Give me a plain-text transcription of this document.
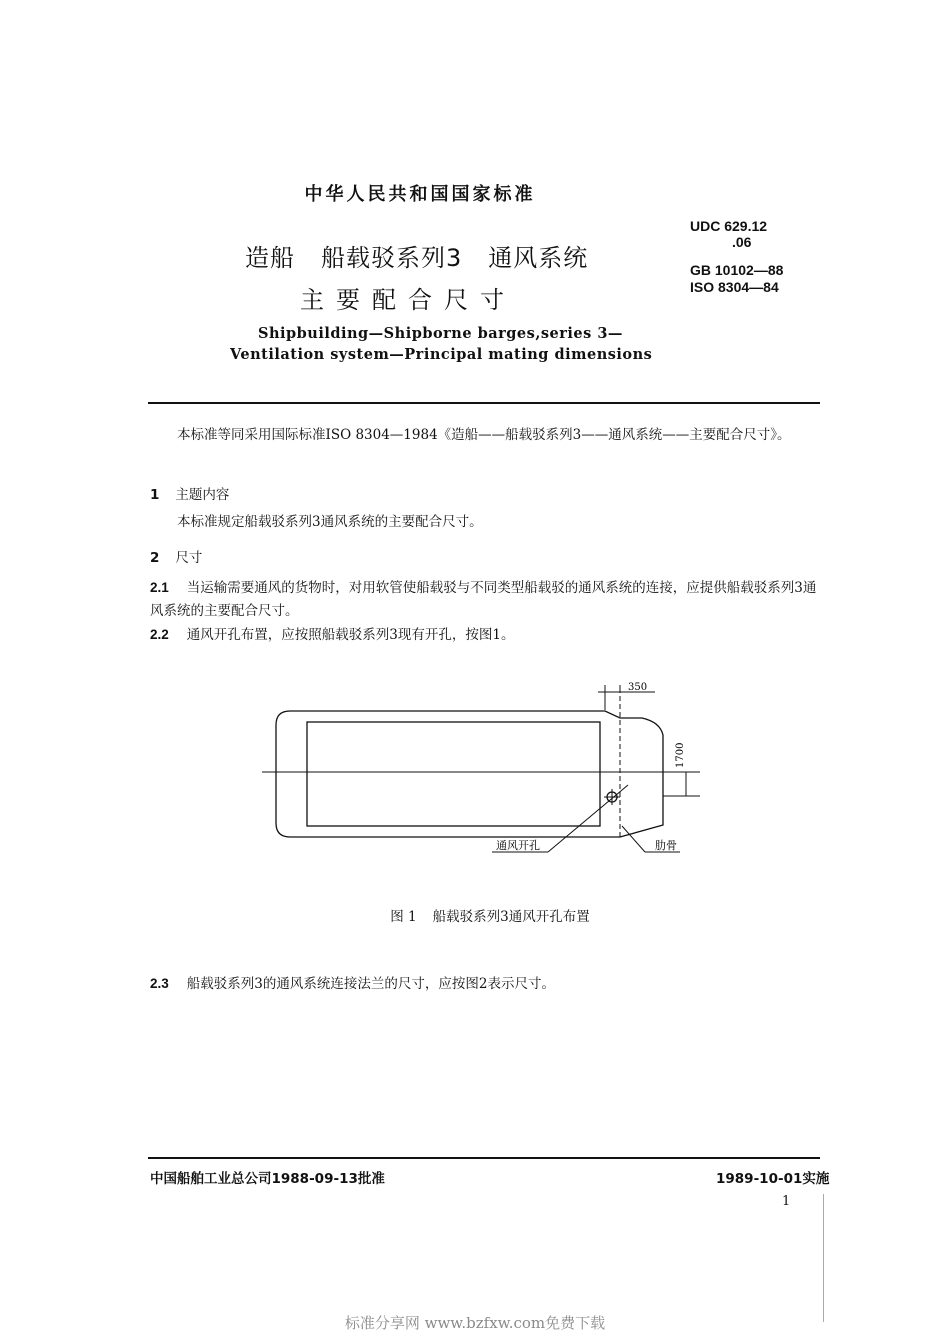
中华人民共和国国家标准
UDC 629.12
.06
GB 10102—88
ISO 8304—84
造船 船载驳系列3 通风系统
主要配合尺寸
Shipbuilding—Shipborne barges,series 3—
Ventilation system—Principal mating dimensions
本标准等同采用国际标准ISO 8304—1984《造船——船载驳系列3——通风系统——主要配合尺寸》。
1 主题内容
本标准规定船载驳系列3通风系统的主要配合尺寸。
2 尺寸
2.1 当运输需要通风的货物时，对用软管使船载驳与不同类型船载驳的通风系统的连接，应提供船载驳系列3通风系统的主要配合尺寸。
2.2 通风开孔布置，应按照船载驳系列3现有开孔，按图1。
350
1700
通风开孔	肋骨
图 1 船载驳系列3通风开孔布置
2.3 船载驳系列3的通风系统连接法兰的尺寸，应按图2表示尺寸。
中国船舶工业总公司1988-09-13批准	1989-10-01实施
1
标准分享网 www.bzfxw.com免费下载
